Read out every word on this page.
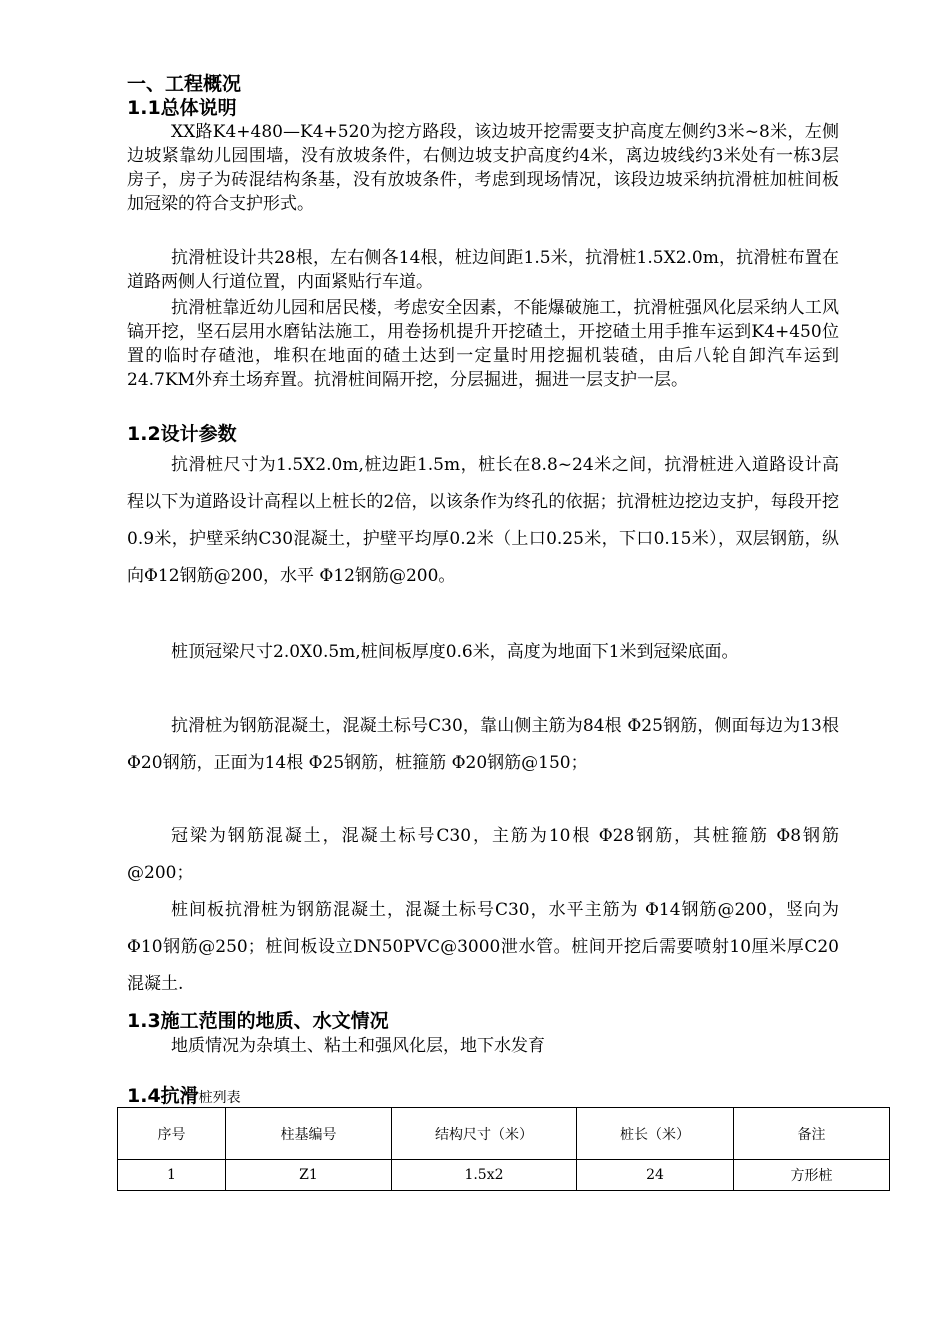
一、工程概况
1.1总体说明

XX路K4+480—K4+520为挖方路段，该边坡开挖需要支护高度左侧约3米~8米，左侧边坡紧靠幼儿园围墙，没有放坡条件，右侧边坡支护高度约4米，离边坡线约3米处有一栋3层房子，房子为砖混结构条基，没有放坡条件，考虑到现场情况，该段边坡采纳抗滑桩加桩间板加冠梁的符合支护形式。

抗滑桩设计共28根，左右侧各14根，桩边间距1.5米，抗滑桩1.5X2.0m，抗滑桩布置在道路两侧人行道位置，内面紧贴行车道。

抗滑桩靠近幼儿园和居民楼，考虑安全因素，不能爆破施工，抗滑桩强风化层采纳人工风镐开挖，坚石层用水磨钻法施工，用卷扬机提升开挖碴土，开挖碴土用手推车运到K4+450位置的临时存碴池，堆积在地面的碴土达到一定量时用挖掘机装碴，由后八轮自卸汽车运到24.7KM外弃土场弃置。抗滑桩间隔开挖，分层掘进，掘进一层支护一层。

1.2设计参数

抗滑桩尺寸为1.5X2.0m,桩边距1.5m，桩长在8.8~24米之间，抗滑桩进入道路设计高程以下为道路设计高程以上桩长的2倍，以该条作为终孔的依据；抗滑桩边挖边支护，每段开挖0.9米，护壁采纳C30混凝土，护壁平均厚0.2米（上口0.25米，下口0.15米），双层钢筋，纵向Φ12钢筋@200，水平 Φ12钢筋@200。

桩顶冠梁尺寸2.0X0.5m,桩间板厚度0.6米，高度为地面下1米到冠梁底面。

抗滑桩为钢筋混凝土，混凝土标号C30，靠山侧主筋为84根 Φ25钢筋，侧面每边为13根 Φ20钢筋，正面为14根 Φ25钢筋，桩箍筋 Φ20钢筋@150；

冠梁为钢筋混凝土，混凝土标号C30，主筋为10根 Φ28钢筋，其桩箍筋 Φ8钢筋@200；

桩间板抗滑桩为钢筋混凝土，混凝土标号C30，水平主筋为 Φ14钢筋@200，竖向为 Φ10钢筋@250；桩间板设立DN50PVC@3000泄水管。桩间开挖后需要喷射10厘米厚C20混凝土.

1.3施工范围的地质、水文情况

地质情况为杂填土、粘土和强风化层，地下水发育

1.4抗滑桩列表
序号	柱基编号	结构尺寸（米）	桩长（米）	备注
1	Z1	1.5x2	24	方形桩
